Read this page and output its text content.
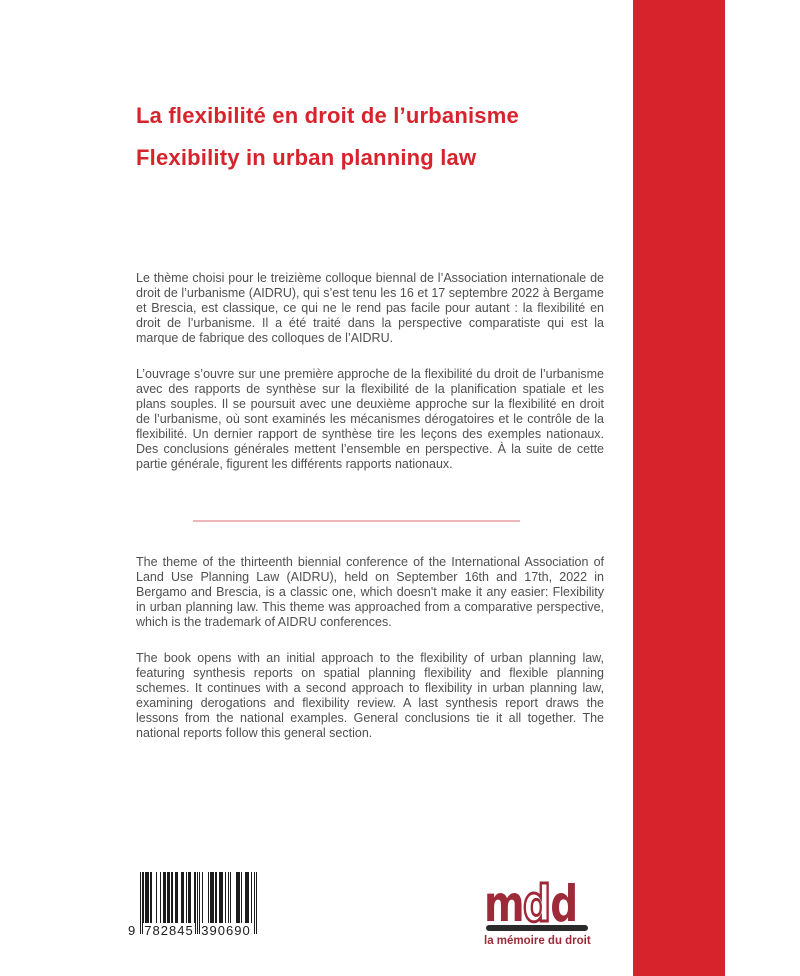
La flexibilité en droit de l’urbanisme
Flexibility in urban planning law

Le thème choisi pour le treizième colloque biennal de l’Association internationale de droit de l’urbanisme (AIDRU), qui s’est tenu les 16 et 17 septembre 2022 à Bergame et Brescia, est classique, ce qui ne le rend pas facile pour autant : la flexibilité en droit de l’urbanisme. Il a été traité dans la perspective comparatiste qui est la marque de fabrique des colloques de l’AIDRU.

L’ouvrage s’ouvre sur une première approche de la flexibilité du droit de l’urbanisme avec des rapports de synthèse sur la flexibilité de la planification spatiale et les plans souples. Il se poursuit avec une deuxième approche sur la flexibilité en droit de l’urbanisme, où sont examinés les mécanismes dérogatoires et le contrôle de la flexibilité. Un dernier rapport de synthèse tire les leçons des exemples nationaux. Des conclusions générales mettent l’ensemble en perspective. À la suite de cette partie générale, figurent les différents rapports nationaux.

The theme of the thirteenth biennial conference of the International Association of Land Use Planning Law (AIDRU), held on September 16th and 17th, 2022 in Bergamo and Brescia, is a classic one, which doesn't make it any easier: Flexibility in urban planning law. This theme was approached from a comparative perspective, which is the trademark of AIDRU conferences.

The book opens with an initial approach to the flexibility of urban planning law, featuring synthesis reports on spatial planning flexibility and flexible planning schemes. It continues with a second approach to flexibility in urban planning law, examining derogations and flexibility review. A last synthesis report draws the lessons from the national examples. General conclusions tie it all together. The national reports follow this general section.

9 782845 390690	m
d d
la mémoire du droit
